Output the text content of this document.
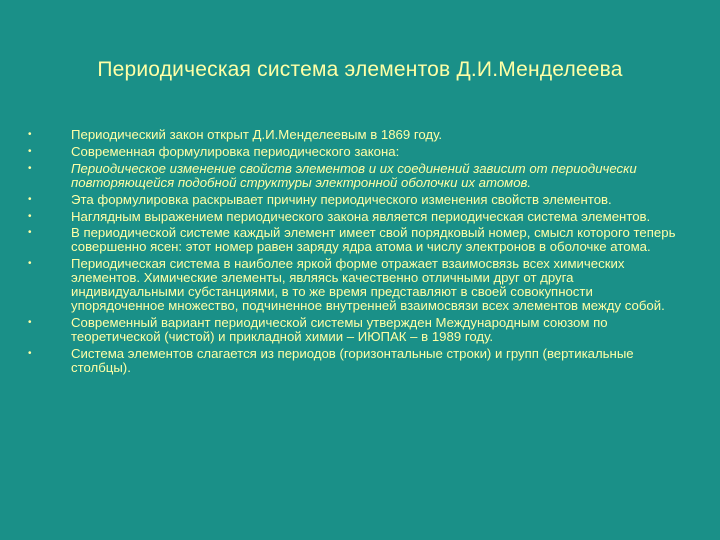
Периодическая система элементов Д.И.Менделеева
•	Периодический закон открыт Д.И.Менделеевым в 1869 году.
•	Современная формулировка периодического закона:
•	Периодическое изменение свойств элементов и их соединений зависит от периодически повторяющейся подобной структуры электронной оболочки их атомов.
•	Эта формулировка раскрывает причину периодического изменения свойств элементов.
•	Наглядным выражением периодического закона является периодическая система элементов.
•	В периодической системе каждый элемент имеет свой порядковый номер, смысл которого теперь совершенно ясен: этот номер равен заряду ядра атома и числу электронов в оболочке атома.
•	Периодическая система в наиболее яркой форме отражает взаимосвязь всех химических элементов. Химические элементы, являясь качественно отличными друг от друга индивидуальными субстанциями, в то же время представляют в своей совокупности упорядоченное множество, подчиненное внутренней взаимосвязи всех элементов между собой.
•	Современный вариант периодической системы утвержден Международным союзом по теоретической (чистой) и прикладной химии – ИЮПАК – в 1989 году.
•	Система элементов слагается из периодов (горизонтальные строки) и групп (вертикальные столбцы).
